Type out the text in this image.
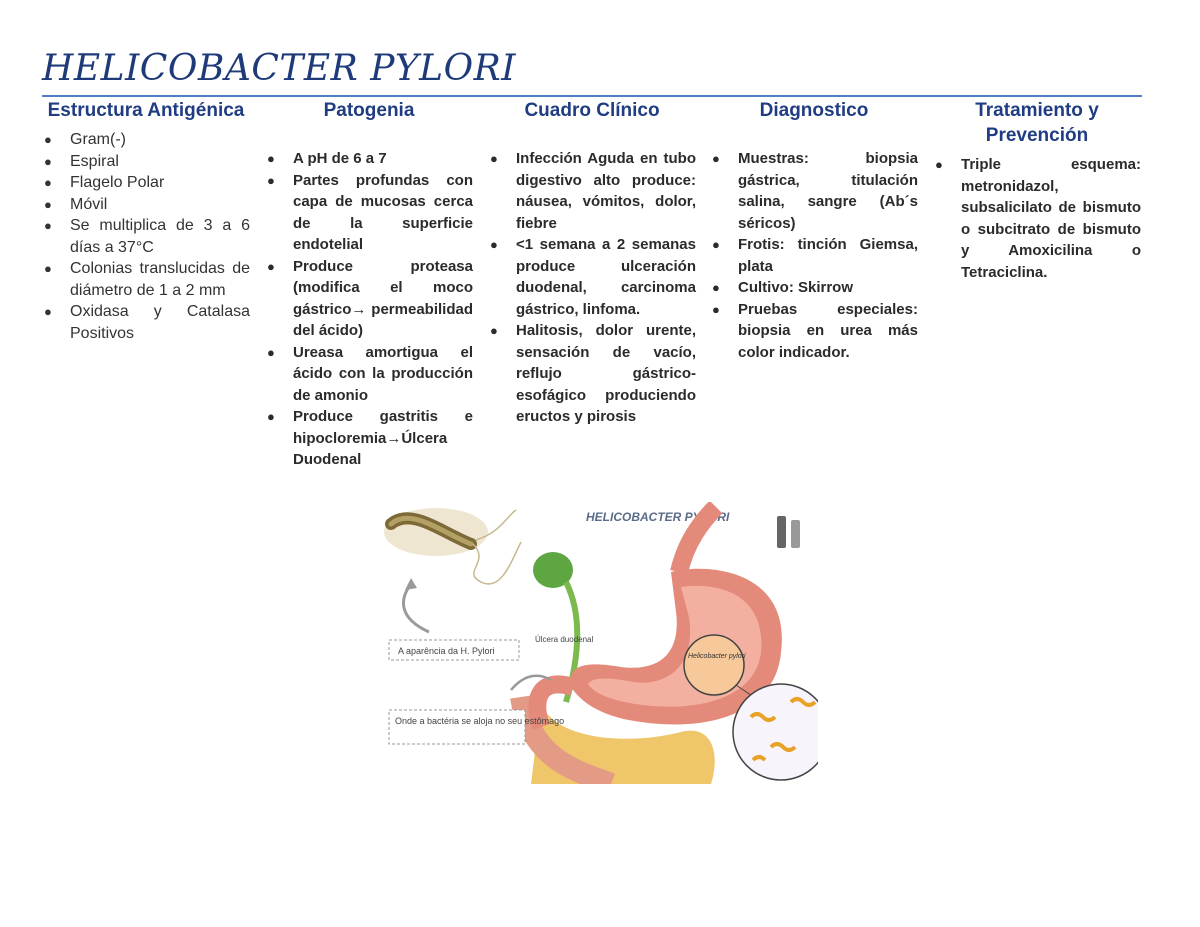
HELICOBACTER PYLORI
Estructura Antigénica
● Gram(-)
● Espiral
● Flagelo Polar
● Móvil
● Se multiplica de 3 a 6 días a 37°C
● Colonias translucidas de diámetro de 1 a 2 mm
● Oxidasa y Catalasa Positivos
Patogenia
● A pH de 6 a 7
● Partes profundas con capa de mucosas cerca de la superficie endotelial
● Produce proteasa (modifica el moco gástrico→ permeabilidad del ácido)
● Ureasa amortigua el ácido con la producción de amonio
● Produce gastritis e hipocloremia→Úlcera Duodenal
Cuadro Clínico
● Infección Aguda en tubo digestivo alto produce: náusea, vómitos, dolor, fiebre
● <1 semana a 2 semanas produce ulceración duodenal, carcinoma gástrico, linfoma.
● Halitosis, dolor urente, sensación de vacío, reflujo gástrico-esofágico produciendo eructos y pirosis
Diagnostico
● Muestras: biopsia gástrica, titulación salina, sangre (Ab´s séricos)
● Frotis: tinción Giemsa, plata
● Cultivo: Skirrow
● Pruebas especiales: biopsia en urea más color indicador.
Tratamiento y Prevención
● Triple esquema: metronidazol, subsalicilato de bismuto o subcitrato de bismuto y Amoxicilina o Tetraciclina.
HELICOBACTER PYLORI
Helicobacter pylori
A aparência da H. Pylori
Úlcera duodenal
Onde a bactéria se aloja no seu estômago
